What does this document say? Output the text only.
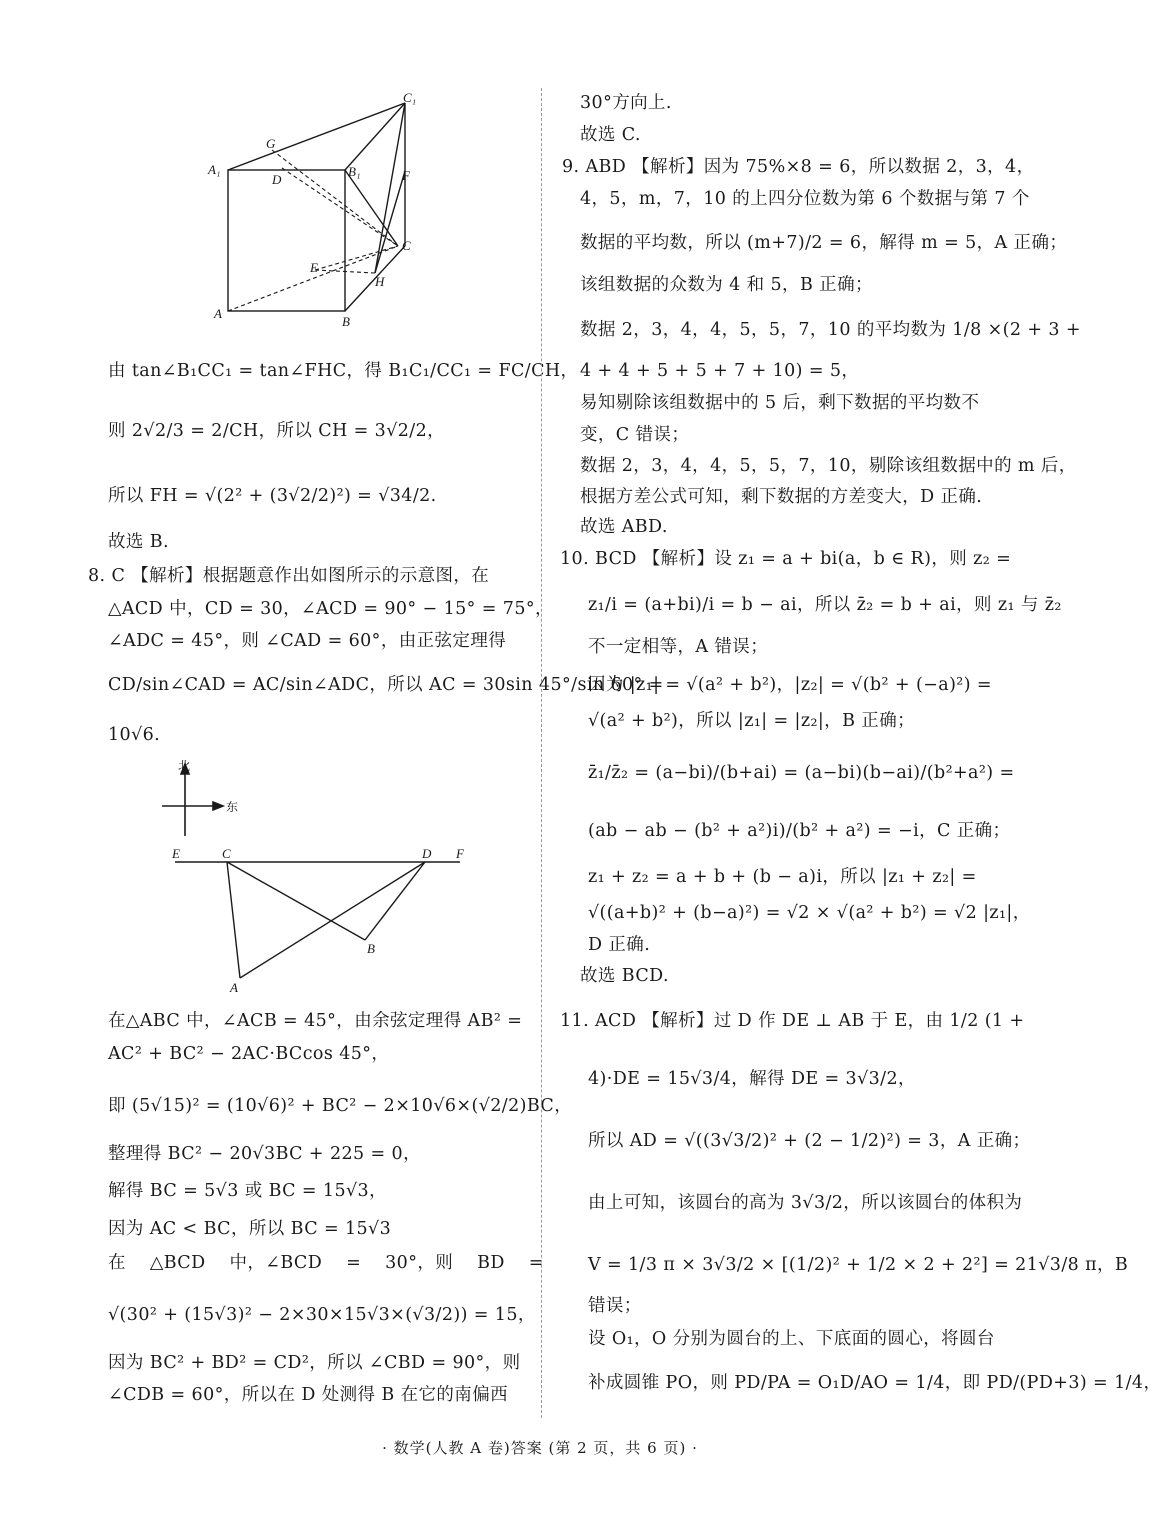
A₁
G
D
B₁
C₁
F
C
E
H
A
B
由 tan∠B₁CC₁ = tan∠FHC，得 B₁C₁/CC₁ = FC/CH，
则 2√2/3 = 2/CH，所以 CH = 3√2/2，
所以 FH = √(2² + (3√2/2)²) = √34/2.
故选 B.
8. C 【解析】根据题意作出如图所示的示意图，在
△ACD 中，CD = 30，∠ACD = 90° − 15° = 75°，
∠ADC = 45°，则 ∠CAD = 60°，由正弦定理得
CD/sin∠CAD = AC/sin∠ADC，所以 AC = 30sin 45°/sin 60° =
10√6.
北
东
E	C	D F
B
A
在△ABC 中，∠ACB = 45°，由余弦定理得 AB² =
AC² + BC² − 2AC·BCcos 45°，
即 (5√15)² = (10√6)² + BC² − 2×10√6×(√2/2)BC，
整理得 BC² − 20√3BC + 225 = 0，
解得 BC = 5√3 或 BC = 15√3，
因为 AC < BC，所以 BC = 15√3
在 △BCD 中，∠BCD = 30°，则 BD =
√(30² + (15√3)² − 2×30×15√3×(√3/2)) = 15，
因为 BC² + BD² = CD²，所以 ∠CBD = 90°，则
∠CDB = 60°，所以在 D 处测得 B 在它的南偏西
30°方向上.
故选 C.
9. ABD 【解析】因为 75%×8 = 6，所以数据 2，3，4，
4，5，m，7，10 的上四分位数为第 6 个数据与第 7 个
数据的平均数，所以 (m+7)/2 = 6，解得 m = 5，A 正确；
该组数据的众数为 4 和 5，B 正确；
数据 2，3，4，4，5，5，7，10 的平均数为 1/8 ×(2 + 3 +
4 + 4 + 5 + 5 + 7 + 10) = 5，
易知剔除该组数据中的 5 后，剩下数据的平均数不
变，C 错误；
数据 2，3，4，4，5，5，7，10，剔除该组数据中的 m 后，
根据方差公式可知，剩下数据的方差变大，D 正确.
故选 ABD.
10. BCD 【解析】设 z₁ = a + bi(a，b ∈ R)，则 z₂ =
z₁/i = (a+bi)/i = b − ai，所以 z̄₂ = b + ai，则 z₁ 与 z̄₂
不一定相等，A 错误；
因为 |z₁| = √(a² + b²)，|z₂| = √(b² + (−a)²) =
√(a² + b²)，所以 |z₁| = |z₂|，B 正确；
z̄₁/z̄₂ = (a−bi)/(b+ai) = (a−bi)(b−ai)/(b²+a²) =
(ab − ab − (b² + a²)i)/(b² + a²) = −i，C 正确；
z₁ + z₂ = a + b + (b − a)i，所以 |z₁ + z₂| =
√((a+b)² + (b−a)²) = √2 × √(a² + b²) = √2 |z₁|，
D 正确.
故选 BCD.
11. ACD 【解析】过 D 作 DE ⊥ AB 于 E，由 1/2 (1 +
4)·DE = 15√3/4，解得 DE = 3√3/2，
所以 AD = √((3√3/2)² + (2 − 1/2)²) = 3，A 正确；
由上可知，该圆台的高为 3√3/2，所以该圆台的体积为
V = 1/3 π × 3√3/2 × [(1/2)² + 1/2 × 2 + 2²] = 21√3/8 π，B
错误；
设 O₁，O 分别为圆台的上、下底面的圆心，将圆台
补成圆锥 PO，则 PD/PA = O₁D/AO = 1/4，即 PD/(PD+3) = 1/4，
· 数学(人教 A 卷)答案 (第 2 页，共 6 页) ·
